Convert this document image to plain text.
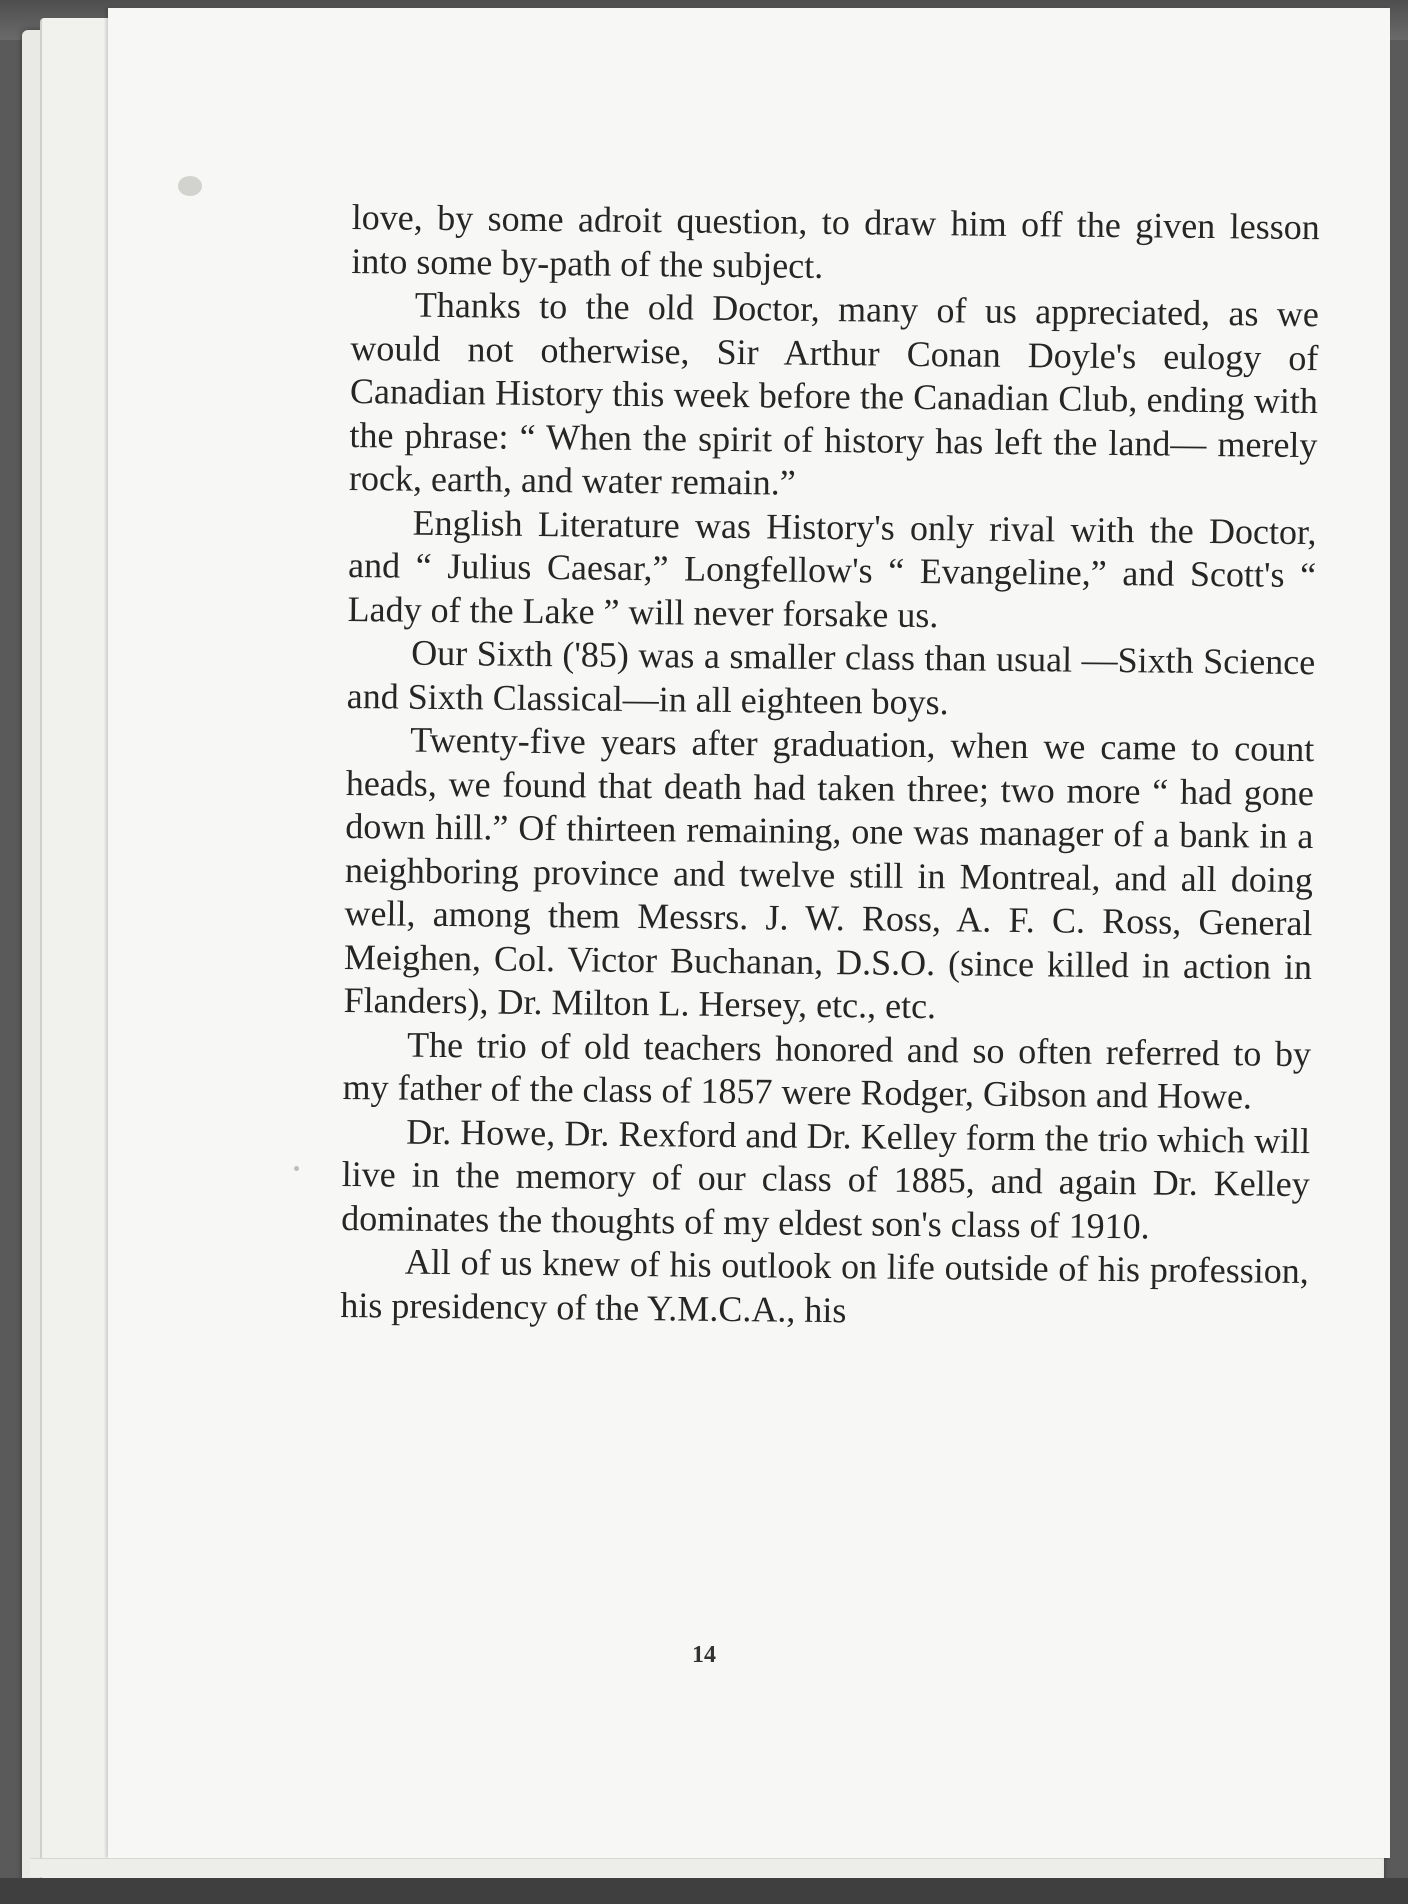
love, by some adroit question, to draw him off the given lesson into some by-path of the subject.

Thanks to the old Doctor, many of us appreciated, as we would not otherwise, Sir Arthur Conan Doyle's eulogy of Canadian History this week before the Canadian Club, ending with the phrase: “ When the spirit of history has left the land— merely rock, earth, and water remain.”

English Literature was History's only rival with the Doctor, and “ Julius Caesar,” Longfellow's “ Evangeline,” and Scott's “ Lady of the Lake ” will never forsake us.

Our Sixth ('85) was a smaller class than usual —Sixth Science and Sixth Classical—in all eighteen boys.

Twenty-five years after graduation, when we came to count heads, we found that death had taken three; two more “ had gone down hill.” Of thirteen remaining, one was manager of a bank in a neighboring province and twelve still in Montreal, and all doing well, among them Messrs. J. W. Ross, A. F. C. Ross, General Meighen, Col. Victor Buchanan, D.S.O. (since killed in action in Flanders), Dr. Milton L. Hersey, etc., etc.

The trio of old teachers honored and so often referred to by my father of the class of 1857 were Rodger, Gibson and Howe.

Dr. Howe, Dr. Rexford and Dr. Kelley form the trio which will live in the memory of our class of 1885, and again Dr. Kelley dominates the thoughts of my eldest son's class of 1910.

All of us knew of his outlook on life outside of his profession, his presidency of the Y.M.C.A., his

14
